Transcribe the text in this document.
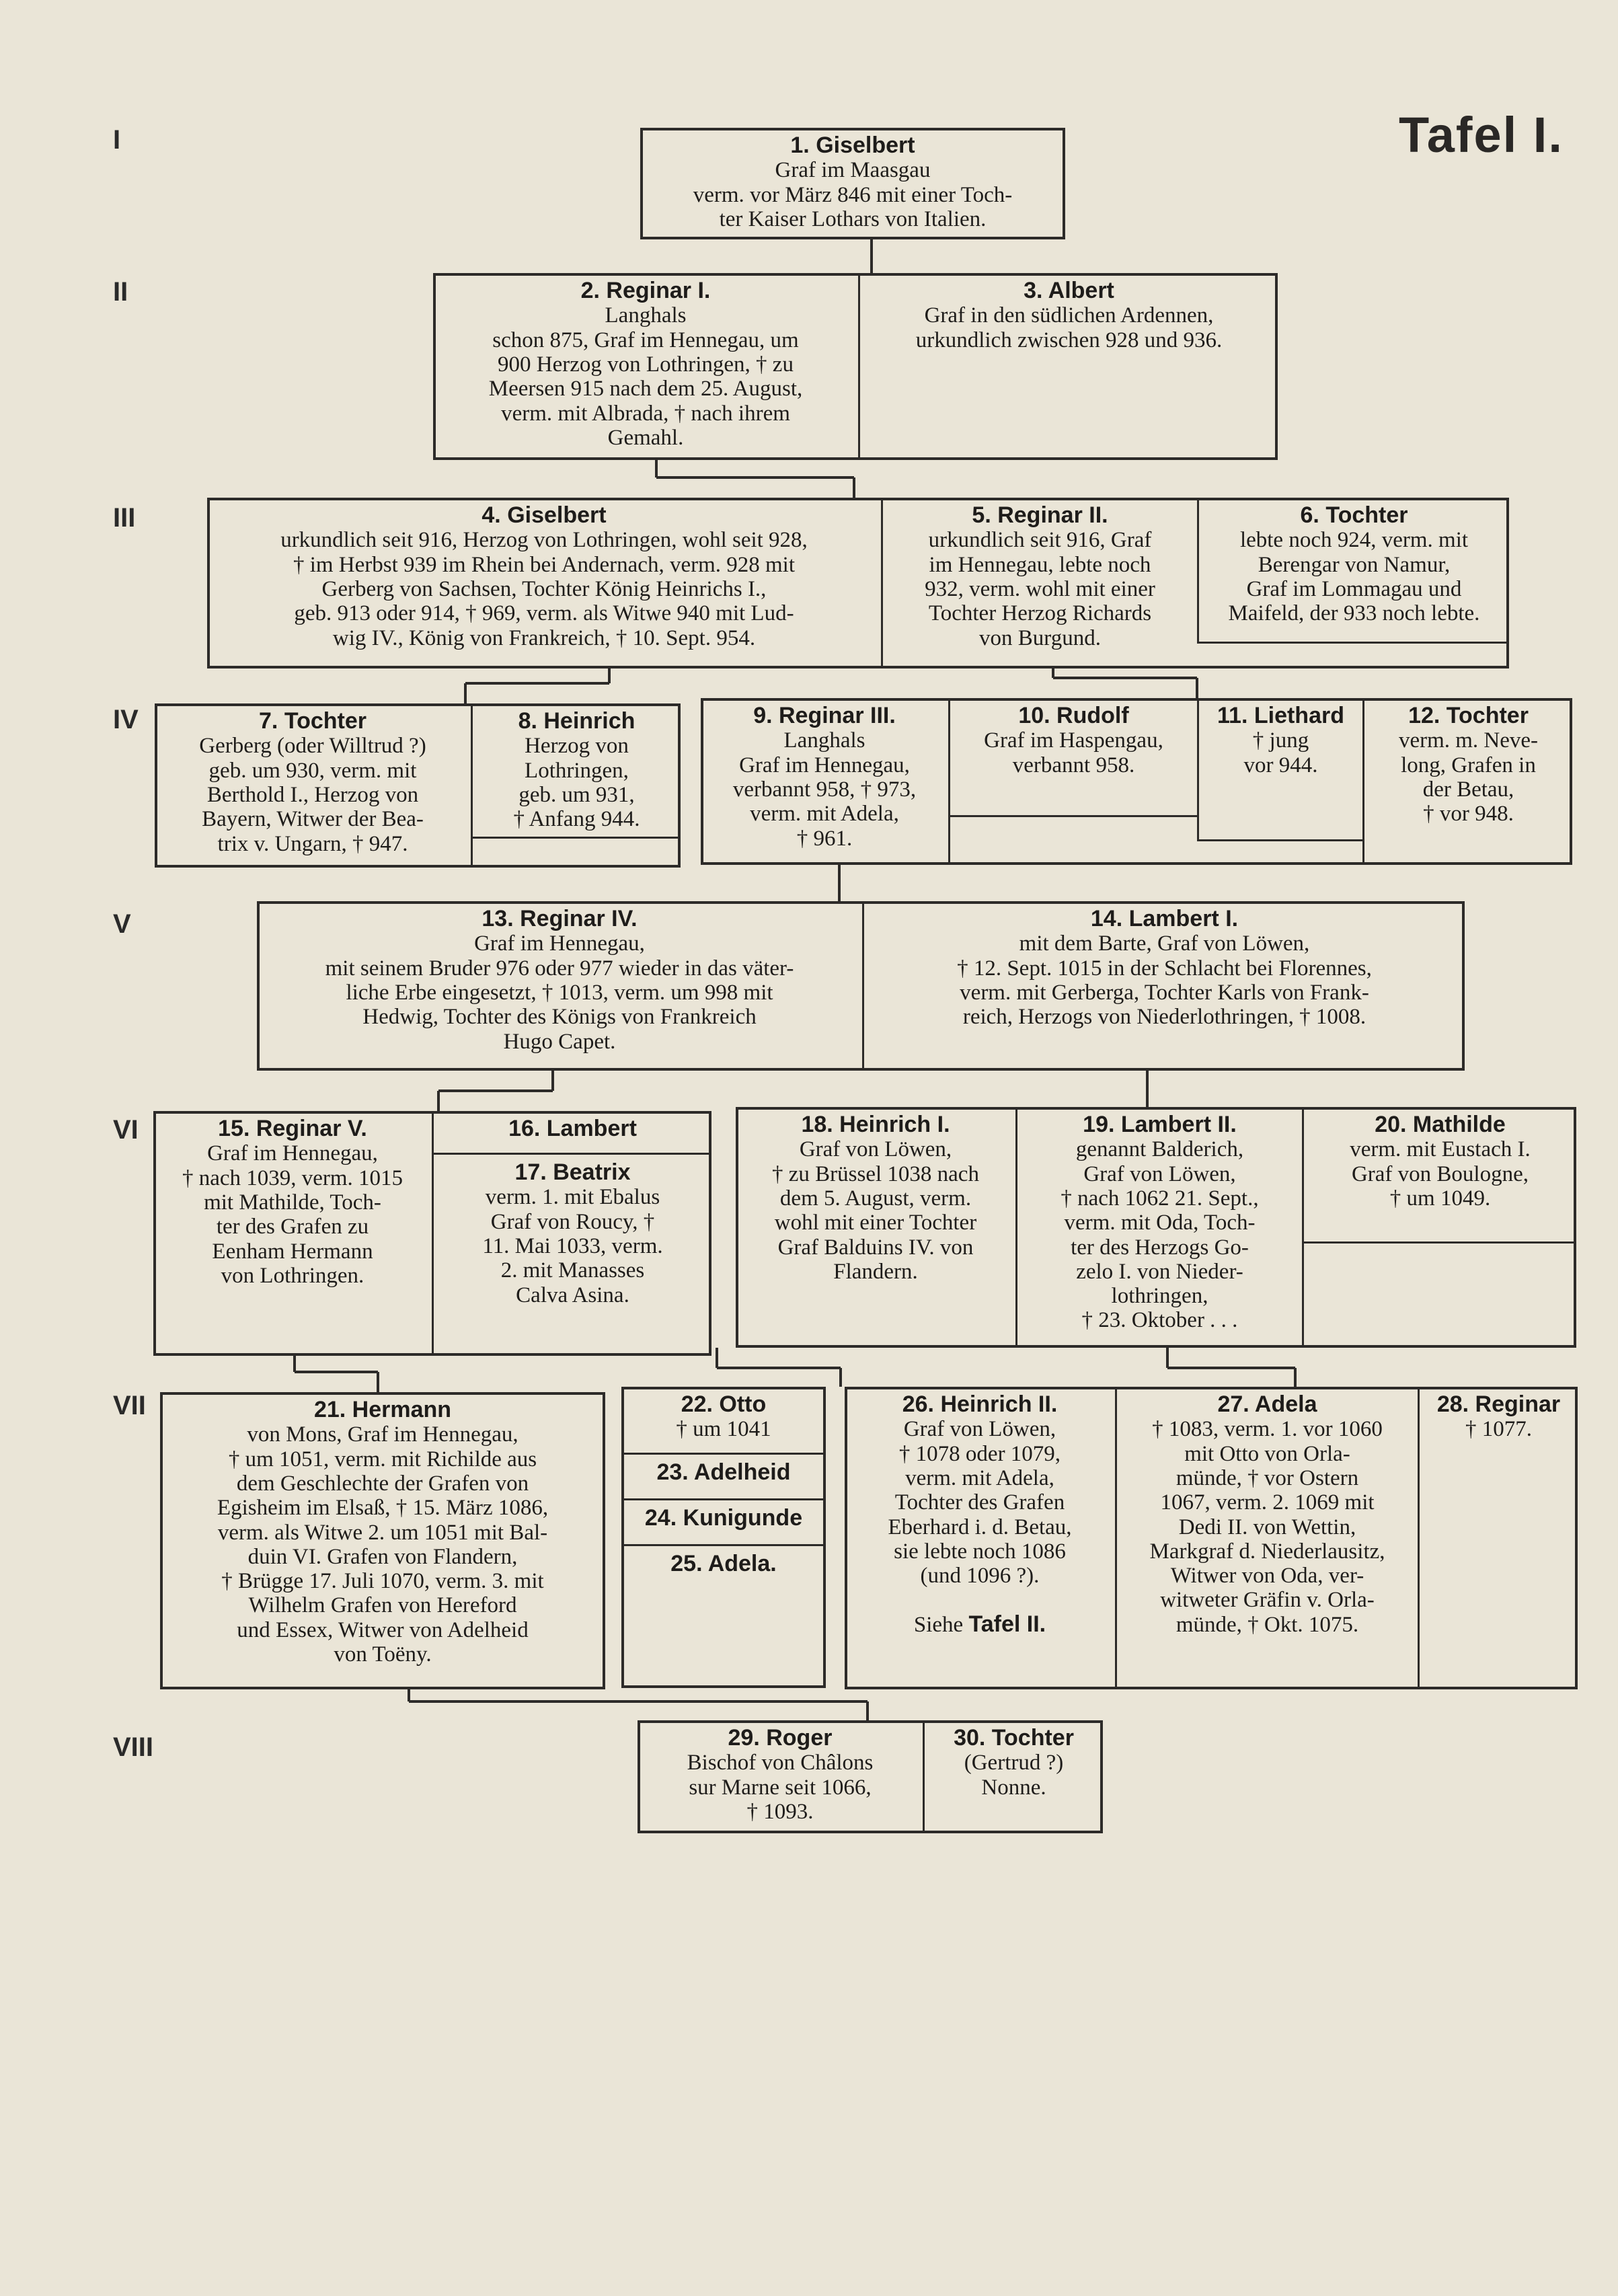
Tafel I.
I
II
III
IV
V
VI
VII
VIII
1. Giselbert
Graf im Maasgau
verm. vor März 846 mit einer Toch-
ter Kaiser Lothars von Italien.
2. Reginar I.
Langhals
schon 875, Graf im Hennegau, um
900 Herzog von Lothringen, † zu
Meersen 915 nach dem 25. August,
verm. mit Albrada, † nach ihrem
Gemahl.
3. Albert
Graf in den südlichen Ardennen,
urkundlich zwischen 928 und 936.
4. Giselbert
urkundlich seit 916, Herzog von Lothringen, wohl seit 928,
† im Herbst 939 im Rhein bei Andernach, verm. 928 mit
Gerberg von Sachsen, Tochter König Heinrichs I.,
geb. 913 oder 914, † 969, verm. als Witwe 940 mit Lud-
wig IV., König von Frankreich, † 10. Sept. 954.
5. Reginar II.
urkundlich seit 916, Graf
im Hennegau, lebte noch
932, verm. wohl mit einer
Tochter Herzog Richards
von Burgund.
6. Tochter
lebte noch 924, verm. mit
Berengar von Namur,
Graf im Lommagau und
Maifeld, der 933 noch lebte.
7. Tochter
Gerberg (oder Willtrud ?)
geb. um 930, verm. mit
Berthold I., Herzog von
Bayern, Witwer der Bea-
trix v. Ungarn, † 947.
8. Heinrich
Herzog von
Lothringen,
geb. um 931,
† Anfang 944.
9. Reginar III.
Langhals
Graf im Hennegau,
verbannt 958, † 973,
verm. mit Adela,
† 961.
10. Rudolf
Graf im Haspengau,
verbannt 958.
11. Liethard
† jung
vor 944.
12. Tochter
verm. m. Neve-
long, Grafen in
der Betau,
† vor 948.
13. Reginar IV.
Graf im Hennegau,
mit seinem Bruder 976 oder 977 wieder in das väter-
liche Erbe eingesetzt, † 1013, verm. um 998 mit
Hedwig, Tochter des Königs von Frankreich
Hugo Capet.
14. Lambert I.
mit dem Barte, Graf von Löwen,
† 12. Sept. 1015 in der Schlacht bei Florennes,
verm. mit Gerberga, Tochter Karls von Frank-
reich, Herzogs von Niederlothringen, † 1008.
15. Reginar V.
Graf im Hennegau,
† nach 1039, verm. 1015
mit Mathilde, Toch-
ter des Grafen zu
Eenham Hermann
von Lothringen.
16. Lambert
17. Beatrix
verm. 1. mit Ebalus
Graf von Roucy, †
11. Mai 1033, verm.
2. mit Manasses
Calva Asina.
18. Heinrich I.
Graf von Löwen,
† zu Brüssel 1038 nach
dem 5. August, verm.
wohl mit einer Tochter
Graf Balduins IV. von
Flandern.
19. Lambert II.
genannt Balderich,
Graf von Löwen,
† nach 1062 21. Sept.,
verm. mit Oda, Toch-
ter des Herzogs Go-
zelo I. von Nieder-
lothringen,
† 23. Oktober . . .
20. Mathilde
verm. mit Eustach I.
Graf von Boulogne,
† um 1049.
21. Hermann
von Mons, Graf im Hennegau,
† um 1051, verm. mit Richilde aus
dem Geschlechte der Grafen von
Egisheim im Elsaß, † 15. März 1086,
verm. als Witwe 2. um 1051 mit Bal-
duin VI. Grafen von Flandern,
† Brügge 17. Juli 1070, verm. 3. mit
Wilhelm Grafen von Hereford
und Essex, Witwer von Adelheid
von Toëny.
22. Otto
† um 1041
23. Adelheid
24. Kunigunde
25. Adela.
26. Heinrich II.
Graf von Löwen,
† 1078 oder 1079,
verm. mit Adela,
Tochter des Grafen
Eberhard i. d. Betau,
sie lebte noch 1086
(und 1096 ?).
Siehe Tafel II.
27. Adela
† 1083, verm. 1. vor 1060
mit Otto von Orla-
münde, † vor Ostern
1067, verm. 2. 1069 mit
Dedi II. von Wettin,
Markgraf d. Niederlausitz,
Witwer von Oda, ver-
witweter Gräfin v. Orla-
münde, † Okt. 1075.
28. Reginar
† 1077.
29. Roger
Bischof von Châlons
sur Marne seit 1066,
† 1093.
30. Tochter
(Gertrud ?)
Nonne.
